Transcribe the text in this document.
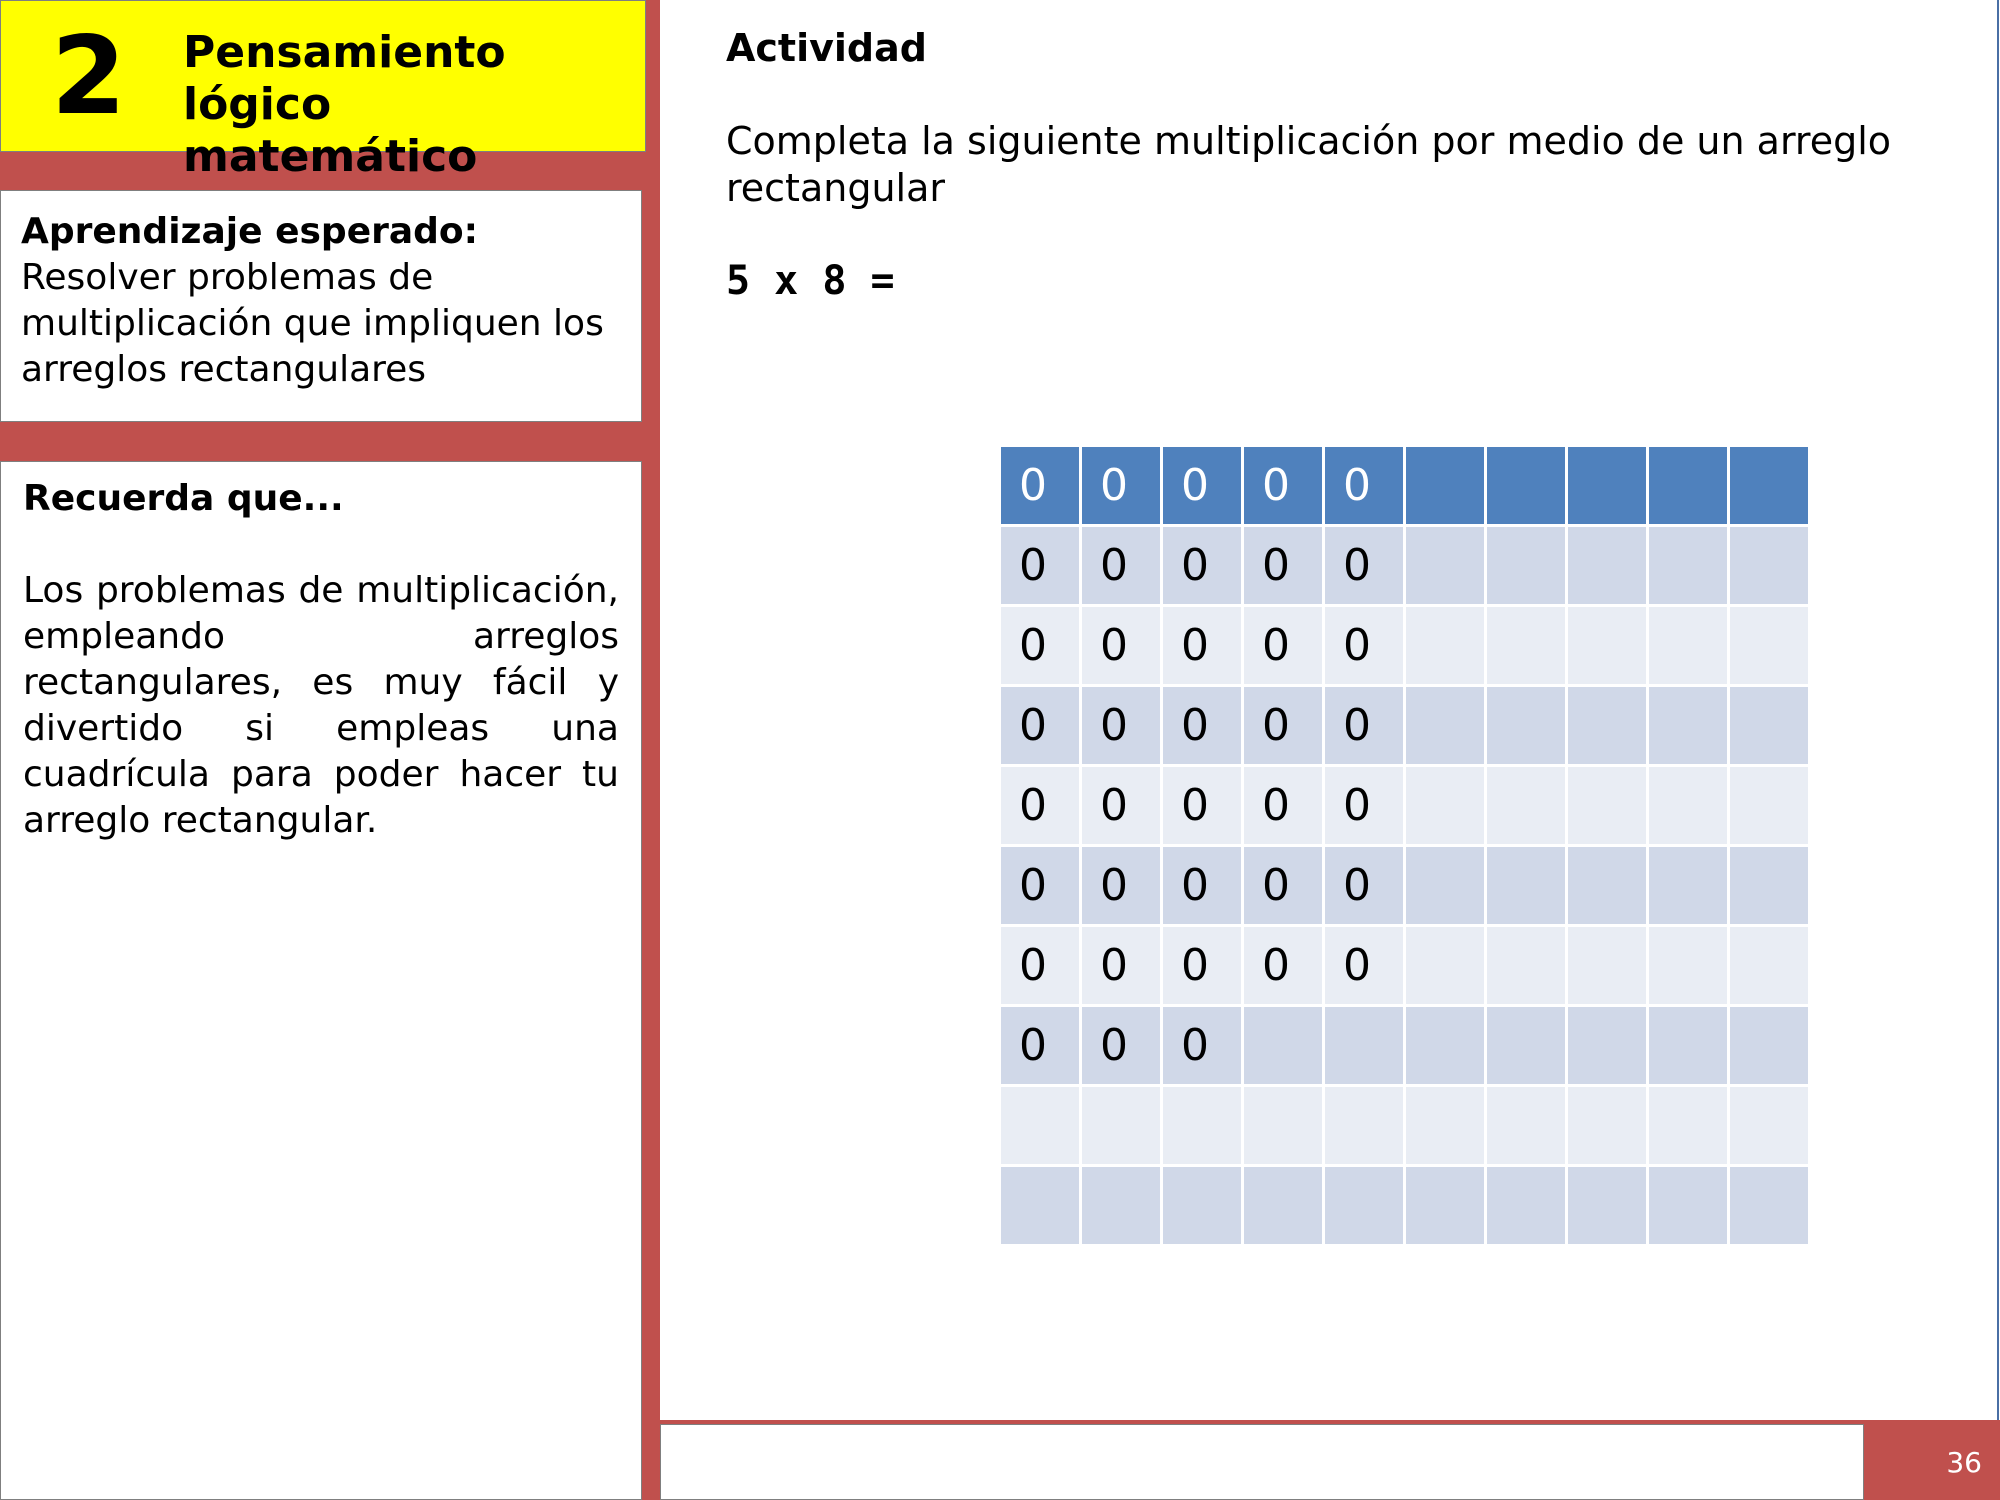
2 Pensamiento lógico matemático
Aprendizaje esperado:
Resolver problemas de multiplicación que impliquen los arreglos rectangulares
Recuerda que...
Los problemas de multiplicación, empleando arreglos rectangulares, es muy fácil y divertido si empleas una cuadrícula para poder hacer tu arreglo rectangular.
Actividad
Completa la siguiente multiplicación por medio de un arreglo rectangular
5 x 8 =
0	0	0	0	0
0	0	0	0	0
0	0	0	0	0
0	0	0	0	0
0	0	0	0	0
0	0	0	0	0
0	0	0	0	0
0	0	0
36
